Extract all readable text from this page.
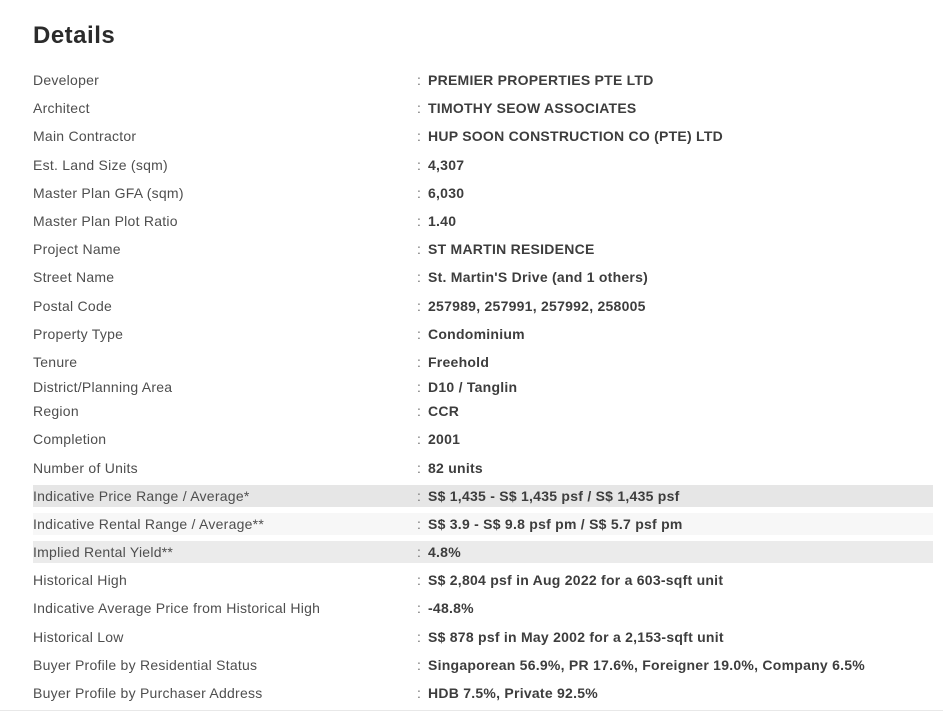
Details
Developer	: PREMIER PROPERTIES PTE LTD
Architect	: TIMOTHY SEOW ASSOCIATES
Main Contractor	: HUP SOON CONSTRUCTION CO (PTE) LTD
Est. Land Size (sqm)	: 4,307
Master Plan GFA (sqm)	: 6,030
Master Plan Plot Ratio	: 1.40
Project Name	: ST MARTIN RESIDENCE
Street Name	: St. Martin'S Drive (and 1 others)
Postal Code	: 257989, 257991, 257992, 258005
Property Type	: Condominium
Tenure	: Freehold
District/Planning Area	: D10 / Tanglin
Region	: CCR
Completion	: 2001
Number of Units	: 82 units
Indicative Price Range / Average*	: S$ 1,435 - S$ 1,435 psf / S$ 1,435 psf
Indicative Rental Range / Average**	: S$ 3.9 - S$ 9.8 psf pm / S$ 5.7 psf pm
Implied Rental Yield**	: 4.8%
Historical High	: S$ 2,804 psf in Aug 2022 for a 603-sqft unit
Indicative Average Price from Historical High	: -48.8%
Historical Low	: S$ 878 psf in May 2002 for a 2,153-sqft unit
Buyer Profile by Residential Status	: Singaporean 56.9%, PR 17.6%, Foreigner 19.0%, Company 6.5%
Buyer Profile by Purchaser Address	: HDB 7.5%, Private 92.5%
